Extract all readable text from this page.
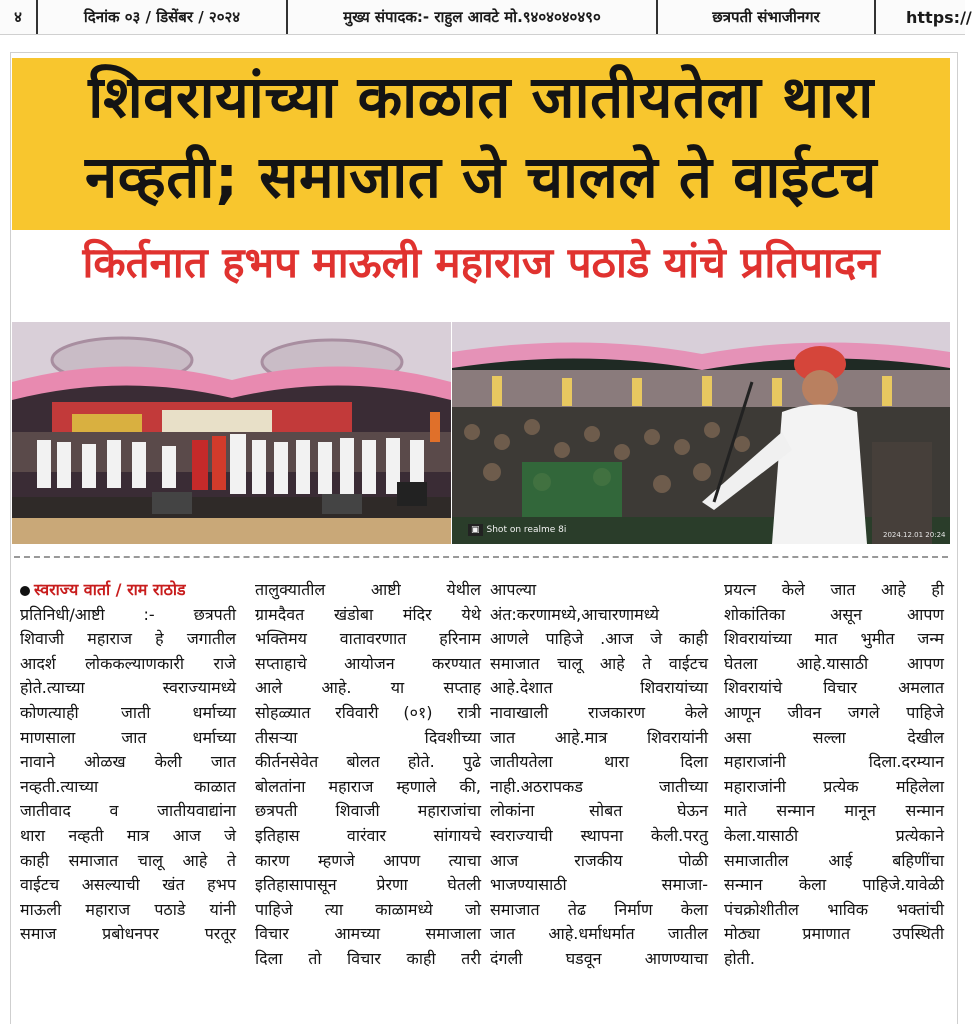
४	दिनांक ०३ / डिसेंबर / २०२४	मुख्य संपादक:- राहुल आवटे मो.९४०४०४०४९०	छत्रपती संभाजीनगर	https://
शिवरायांच्या काळात जातीयतेला थारा
नव्हती; समाजात जे चालले ते वाईटच
किर्तनात हभप माऊली महाराज पठाडे यांचे प्रतिपादन
▣ Shot on realme 8i	2024.12.01 20:24
स्वराज्य वार्ता / राम राठोड
प्रतिनिधी/आष्टी :- छत्रपती
शिवाजी महाराज हे जगातील
आदर्श लोककल्याणकारी राजे
होते.त्याच्या स्वराज्यामध्ये
कोणत्याही जाती धर्माच्या
माणसाला जात धर्माच्या
नावाने ओळख केली जात
नव्हती.त्याच्या काळात
जातीवाद व जातीयवाद्यांना
थारा नव्हती मात्र आज जे
काही समाजात चालू आहे ते
वाईटच असल्याची खंत हभप
माऊली महाराज पठाडे यांनी
समाज प्रबोधनपर परतूर
तालुक्यातील आष्टी येथील
ग्रामदैवत खंडोबा मंदिर येथे
भक्तिमय वातावरणात हरिनाम
सप्ताहाचे आयोजन करण्यात
आले आहे. या सप्ताह
सोहळ्यात रविवारी (०१) रात्री
तीसऱ्या दिवशीच्या
कीर्तनसेवेत बोलत होते. पुढे
बोलतांना महाराज म्हणाले की,
छत्रपती शिवाजी महाराजांचा
इतिहास वारंवार सांगायचे
कारण म्हणजे आपण त्याचा
इतिहासापासून प्रेरणा घेतली
पाहिजे त्या काळामध्ये जो
विचार आमच्या समाजाला
दिला तो विचार काही तरी
आपल्या
अंत:करणामध्ये,आचारणामध्ये
आणले पाहिजे .आज जे काही
समाजात चालू आहे ते वाईटच
आहे.देशात शिवरायांच्या
नावाखाली राजकारण केले
जात आहे.मात्र शिवरायांनी
जातीयतेला थारा दिला
नाही.अठरापकड जातीच्या
लोकांना सोबत घेऊन
स्वराज्याची स्थापना केली.परतु
आज राजकीय पोळी
भाजण्यासाठी समाजा-
समाजात तेढ निर्माण केला
जात आहे.धर्माधर्मात जातील
दंगली घडवून आणण्याचा
प्रयत्न केले जात आहे ही
शोकांतिका असून आपण
शिवरायांच्या मात भुमीत जन्म
घेतला आहे.यासाठी आपण
शिवरायांचे विचार अमलात
आणून जीवन जगले पाहिजे
असा सल्ला देखील
महाराजांनी दिला.दरम्यान
महाराजांनी प्रत्येक महिलेला
माते सन्मान मानून सन्मान
केला.यासाठी प्रत्येकाने
समाजातील आई बहिणींचा
सन्मान केला पाहिजे.यावेळी
पंचक्रोशीतील भाविक भक्तांची
मोठ्या प्रमाणात उपस्थिती
होती.
